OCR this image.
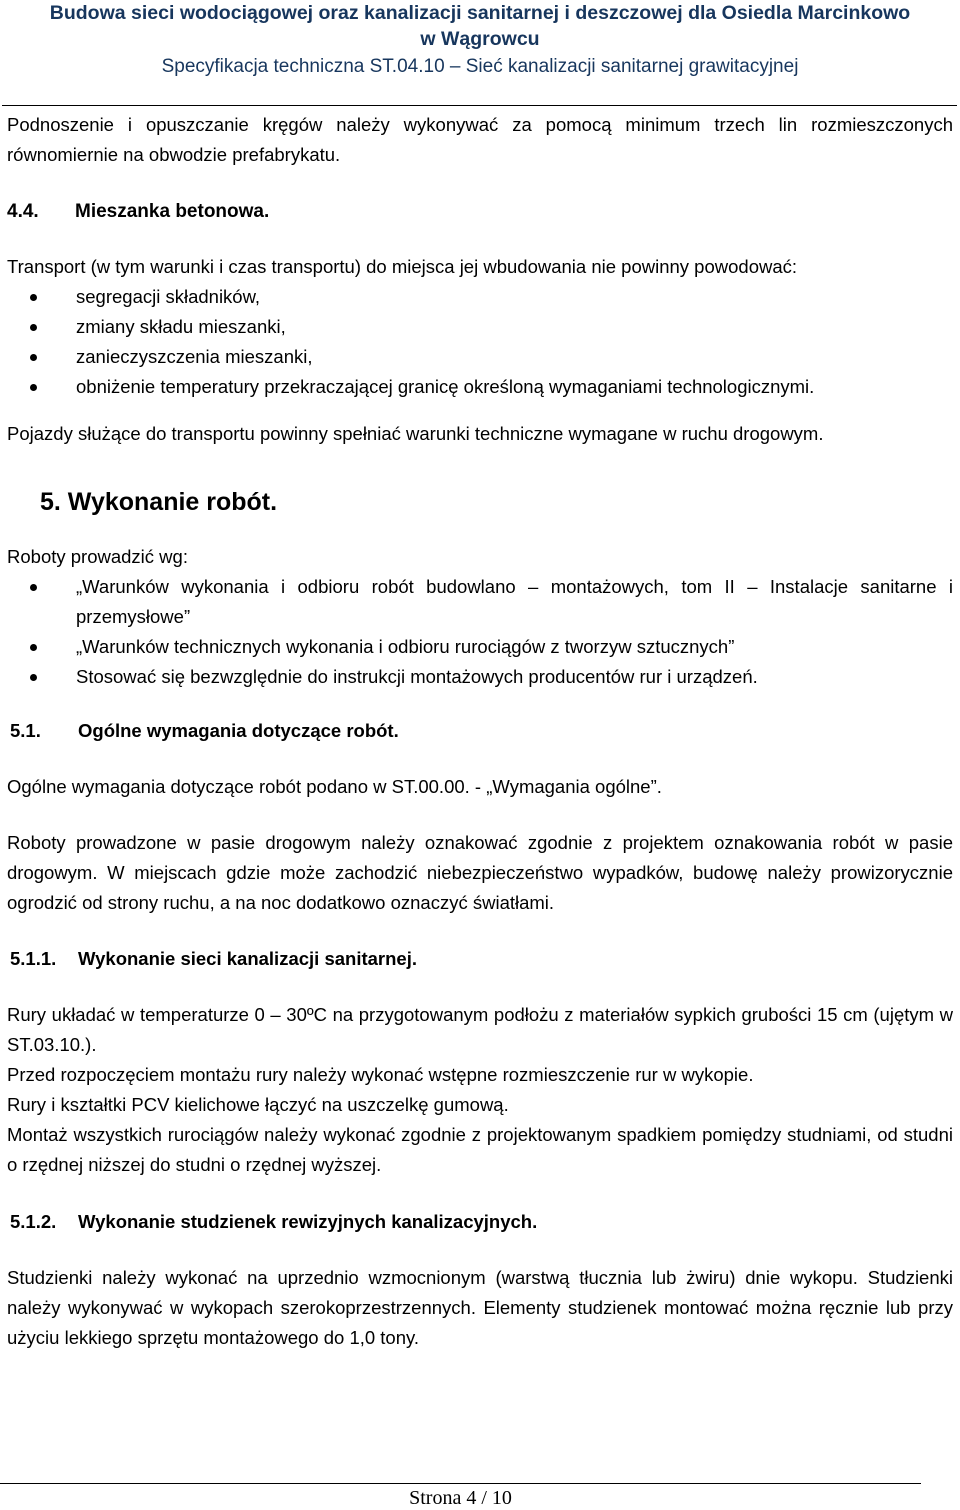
Budowa sieci wodociągowej oraz kanalizacji sanitarnej i deszczowej dla Osiedla Marcinkowo
w Wągrowcu
Specyfikacja techniczna ST.04.10 – Sieć kanalizacji sanitarnej grawitacyjnej

Podnoszenie i opuszczanie kręgów należy wykonywać za pomocą minimum trzech lin rozmieszczonych równomiernie na obwodzie prefabrykatu.

4.4. Mieszanka betonowa.

Transport (w tym warunki i czas transportu) do miejsca jej wbudowania nie powinny powodować:

segregacji składników,
zmiany składu mieszanki,
zanieczyszczenia mieszanki,
obniżenie temperatury przekraczającej granicę określoną wymaganiami technologicznymi.

Pojazdy służące do transportu powinny spełniać warunki techniczne wymagane w ruchu drogowym.

5. Wykonanie robót.

Roboty prowadzić wg:

„Warunków wykonania i odbioru robót budowlano – montażowych, tom II – Instalacje sanitarne i przemysłowe”
„Warunków technicznych wykonania i odbioru rurociągów z tworzyw sztucznych”
Stosować się bezwzględnie do instrukcji montażowych producentów rur i urządzeń.

5.1. Ogólne wymagania dotyczące robót.

Ogólne wymagania dotyczące robót podano w ST.00.00. - „Wymagania ogólne”.

Roboty prowadzone w pasie drogowym należy oznakować zgodnie z projektem oznakowania robót w pasie drogowym. W miejscach gdzie może zachodzić niebezpieczeństwo wypadków, budowę należy prowizorycznie ogrodzić od strony ruchu, a na noc dodatkowo oznaczyć światłami.

5.1.1. Wykonanie sieci kanalizacji sanitarnej.

Rury układać w temperaturze 0 – 30ºC na przygotowanym podłożu z materiałów sypkich grubości 15 cm (ujętym w ST.03.10.).

Przed rozpoczęciem montażu rury należy wykonać wstępne rozmieszczenie rur w wykopie.

Rury i kształtki PCV kielichowe łączyć na uszczelkę gumową.

Montaż wszystkich rurociągów należy wykonać zgodnie z projektowanym spadkiem pomiędzy studniami, od studni o rzędnej niższej do studni o rzędnej wyższej.

5.1.2. Wykonanie studzienek rewizyjnych kanalizacyjnych.

Studzienki należy wykonać na uprzednio wzmocnionym (warstwą tłucznia lub żwiru) dnie wykopu. Studzienki należy wykonywać w wykopach szerokoprzestrzennych. Elementy studzienek montować można ręcznie lub przy użyciu lekkiego sprzętu montażowego do 1,0 tony.

Strona 4 / 10
